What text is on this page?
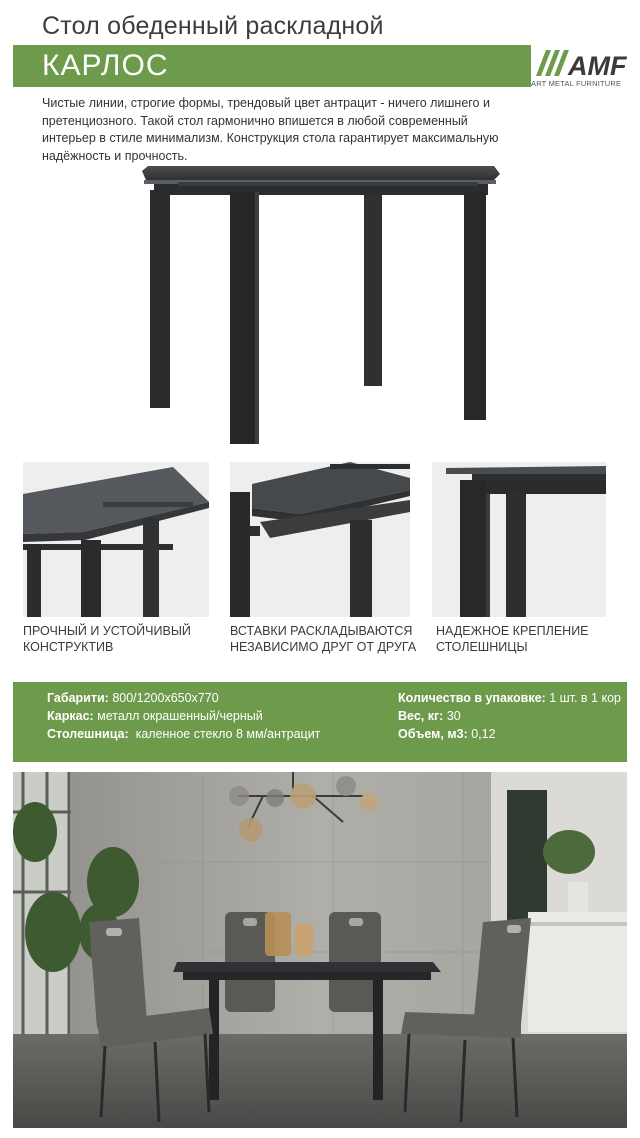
Стол обеденный раскладной
КАРЛОС	AMF
ART METAL FURNITURE
Чистые линии, строгие формы, трендовый цвет антрацит - ничего лишнего и претенциозного. Такой стол гармонично впишется в любой современный интерьер в стиле минимализм. Конструкция стола гарантирует максимальную надёжность и прочность.
ПРОЧНЫЙ И УСТОЙЧИВЫЙ
КОНСТРУКТИВ
ВСТАВКИ РАСКЛАДЫВАЮТСЯ
НЕЗАВИСИМО ДРУГ ОТ ДРУГА
НАДЕЖНОЕ КРЕПЛЕНИЕ
СТОЛЕШНИЦЫ
Габарити: 800/1200x650x770
Каркас: металл окрашенный/черный
Столешница:  каленное стекло 8 мм/антрацит
Количество в упаковке: 1 шт. в 1 кор
Вес, кг: 30
Объем, м3: 0,12
